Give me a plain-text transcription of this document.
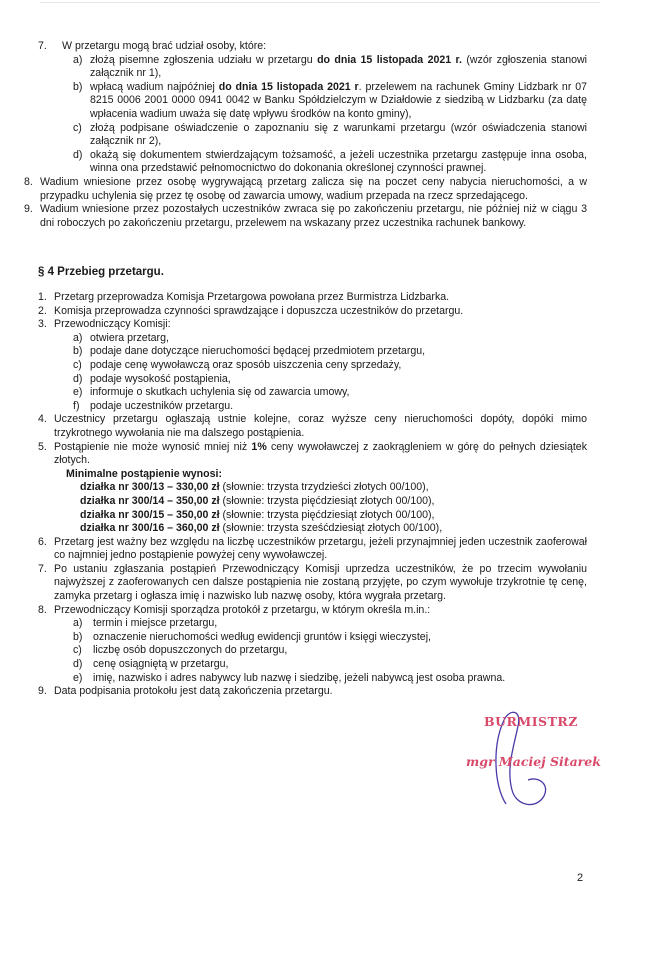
7.	W przetargu mogą brać udział osoby, które:
a) złożą pisemne zgłoszenia udziału w przetargu do dnia 15 listopada 2021 r. (wzór zgłoszenia stanowi załącznik nr 1),
b) wpłacą wadium najpóźniej do dnia 15 listopada 2021 r. przelewem na rachunek Gminy Lidzbark nr 07 8215 0006 2001 0000 0941 0042 w Banku Spółdzielczym w Działdowie z siedzibą w Lidzbarku (za datę wpłacenia wadium uważa się datę wpływu środków na konto gminy),
c) złożą podpisane oświadczenie o zapoznaniu się z warunkami przetargu (wzór oświadczenia stanowi załącznik nr 2),
d) okażą się dokumentem stwierdzającym tożsamość, a jeżeli uczestnika przetargu zastępuje inna osoba, winna ona przedstawić pełnomocnictwo do dokonania określonej czynności prawnej.
8. Wadium wniesione przez osobę wygrywającą przetarg zalicza się na poczet ceny nabycia nieruchomości, a w przypadku uchylenia się przez tę osobę od zawarcia umowy, wadium przepada na rzecz sprzedającego.
9. Wadium wniesione przez pozostałych uczestników zwraca się po zakończeniu przetargu, nie później niż w ciągu 3 dni roboczych po zakończeniu przetargu, przelewem na wskazany przez uczestnika rachunek bankowy.
§ 4 Przebieg przetargu.
1. Przetarg przeprowadza Komisja Przetargowa powołana przez Burmistrza Lidzbarka.
2. Komisja przeprowadza czynności sprawdzające i dopuszcza uczestników do przetargu.
3. Przewodniczący Komisji:
a) otwiera przetarg,
b) podaje dane dotyczące nieruchomości będącej przedmiotem przetargu,
c) podaje cenę wywoławczą oraz sposób uiszczenia ceny sprzedaży,
d) podaje wysokość postąpienia,
e) informuje o skutkach uchylenia się od zawarcia umowy,
f) podaje uczestników przetargu.
4. Uczestnicy przetargu ogłaszają ustnie kolejne, coraz wyższe ceny nieruchomości dopóty, dopóki mimo trzykrotnego wywołania nie ma dalszego postąpienia.
5. Postąpienie nie może wynosić mniej niż 1% ceny wywoławczej z zaokrągleniem w górę do pełnych dziesiątek złotych.
Minimalne postąpienie wynosi:
działka nr 300/13 – 330,00 zł (słownie: trzysta trzydzieści złotych 00/100),
działka nr 300/14 – 350,00 zł (słownie: trzysta pięćdziesiąt złotych 00/100),
działka nr 300/15 – 350,00 zł (słownie: trzysta pięćdziesiąt złotych 00/100),
działka nr 300/16 – 360,00 zł (słownie: trzysta sześćdziesiąt złotych 00/100),
6. Przetarg jest ważny bez względu na liczbę uczestników przetargu, jeżeli przynajmniej jeden uczestnik zaoferował co najmniej jedno postąpienie powyżej ceny wywoławczej.
7. Po ustaniu zgłaszania postąpień Przewodniczący Komisji uprzedza uczestników, że po trzecim wywołaniu najwyższej z zaoferowanych cen dalsze postąpienia nie zostaną przyjęte, po czym wywołuje trzykrotnie tę cenę, zamyka przetarg i ogłasza imię i nazwisko lub nazwę osoby, która wygrała przetarg.
8. Przewodniczący Komisji sporządza protokół z przetargu, w którym określa m.in.:
a) termin i miejsce przetargu,
b) oznaczenie nieruchomości według ewidencji gruntów i księgi wieczystej,
c)	liczbę osób dopuszczonych do przetargu,
d) cenę osiągniętą w przetargu,
e) imię, nazwisko i adres nabywcy lub nazwę i siedzibę, jeżeli nabywcą jest osoba prawna.
9. Data podpisania protokołu jest datą zakończenia przetargu.
BURMISTRZ
mgr Maciej Sitarek
2
